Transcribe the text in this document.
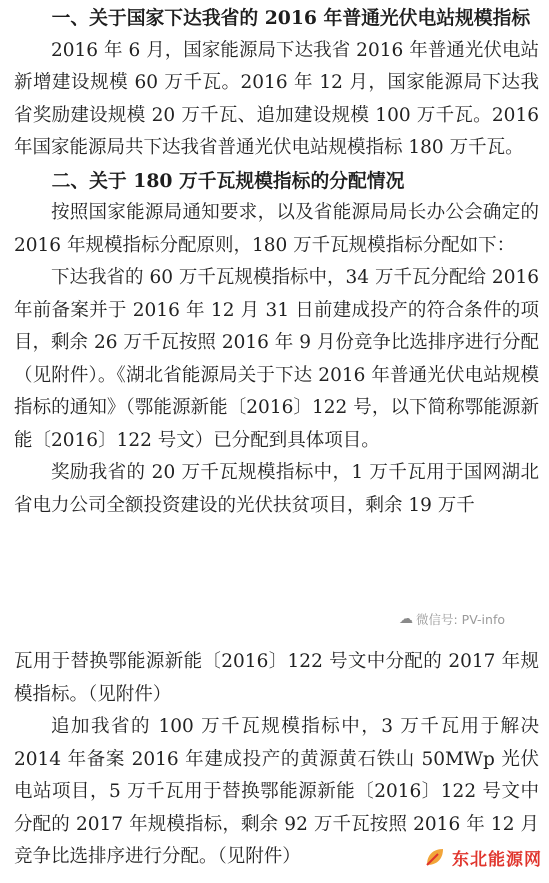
一、关于国家下达我省的 2016 年普通光伏电站规模指标

2016 年 6 月，国家能源局下达我省 2016 年普通光伏电站新增建设规模 60 万千瓦。2016 年 12 月，国家能源局下达我省奖励建设规模 20 万千瓦、追加建设规模 100 万千瓦。2016 年国家能源局共下达我省普通光伏电站规模指标 180 万千瓦。

二、关于 180 万千瓦规模指标的分配情况

按照国家能源局通知要求，以及省能源局局长办公会确定的 2016 年规模指标分配原则，180 万千瓦规模指标分配如下：

下达我省的 60 万千瓦规模指标中，34 万千瓦分配给 2016 年前备案并于 2016 年 12 月 31 日前建成投产的符合条件的项目，剩余 26 万千瓦按照 2016 年 9 月份竞争比选排序进行分配（见附件）。《湖北省能源局关于下达 2016 年普通光伏电站规模指标的通知》（鄂能源新能〔2016〕122 号，以下简称鄂能源新能〔2016〕122 号文）已分配到具体项目。

奖励我省的 20 万千瓦规模指标中，1 万千瓦用于国网湖北省电力公司全额投资建设的光伏扶贫项目，剩余 19 万千

☁ 微信号: PV-info

瓦用于替换鄂能源新能〔2016〕122 号文中分配的 2017 年规模指标。（见附件）

追加我省的 100 万千瓦规模指标中，3 万千瓦用于解决 2014 年备案 2016 年建成投产的黄源黄石铁山 50MWp 光伏电站项目，5 万千瓦用于替换鄂能源新能〔2016〕122 号文中分配的 2017 年规模指标，剩余 92 万千瓦按照 2016 年 12 月竞争比选排序进行分配。（见附件）	东北能源网
